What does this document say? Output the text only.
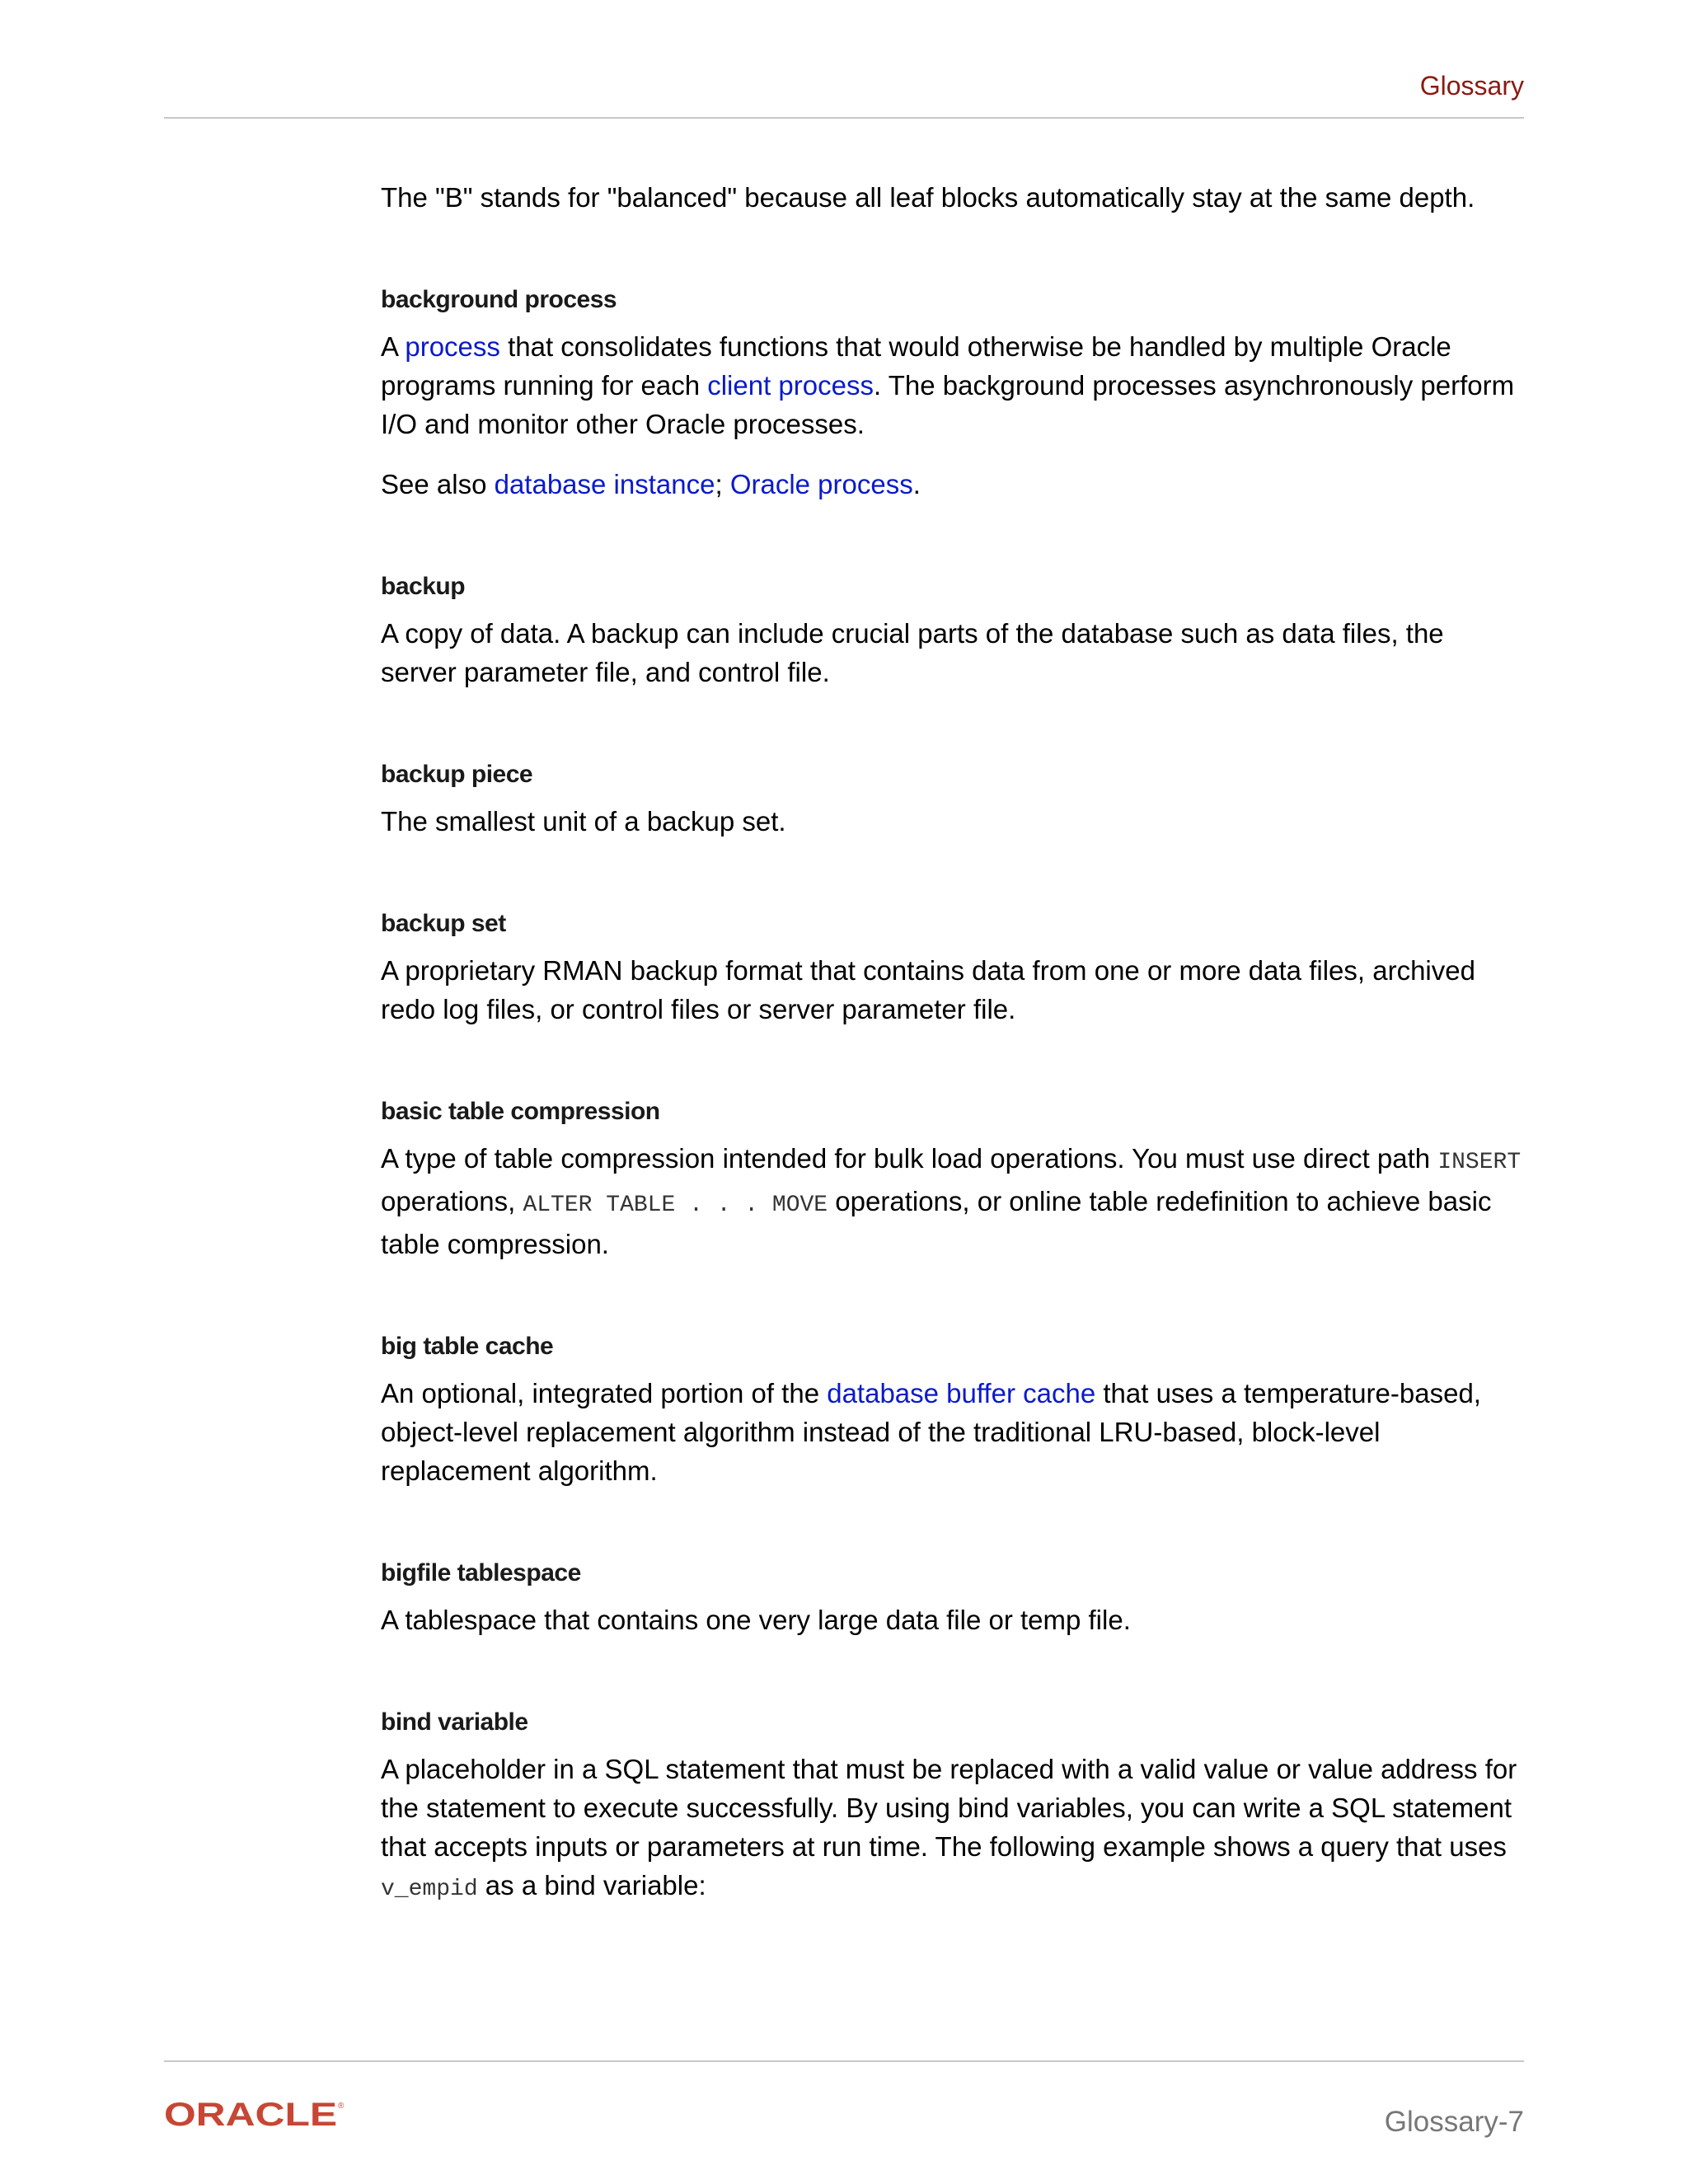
Glossary

The "B" stands for "balanced" because all leaf blocks automatically stay at the same depth.

background process

A process that consolidates functions that would otherwise be handled by multiple Oracle programs running for each client process. The background processes asynchronously perform I/O and monitor other Oracle processes.

See also database instance; Oracle process.

backup

A copy of data. A backup can include crucial parts of the database such as data files, the server parameter file, and control file.

backup piece

The smallest unit of a backup set.

backup set

A proprietary RMAN backup format that contains data from one or more data files, archived redo log files, or control files or server parameter file.

basic table compression

A type of table compression intended for bulk load operations. You must use direct path INSERT operations, ALTER TABLE . . . MOVE operations, or online table redefinition to achieve basic table compression.

big table cache

An optional, integrated portion of the database buffer cache that uses a temperature-based, object-level replacement algorithm instead of the traditional LRU-based, block-level replacement algorithm.

bigfile tablespace

A tablespace that contains one very large data file or temp file.

bind variable

A placeholder in a SQL statement that must be replaced with a valid value or value address for the statement to execute successfully. By using bind variables, you can write a SQL statement that accepts inputs or parameters at run time. The following example shows a query that uses v_empid as a bind variable:

ORACLE ®	Glossary-7
